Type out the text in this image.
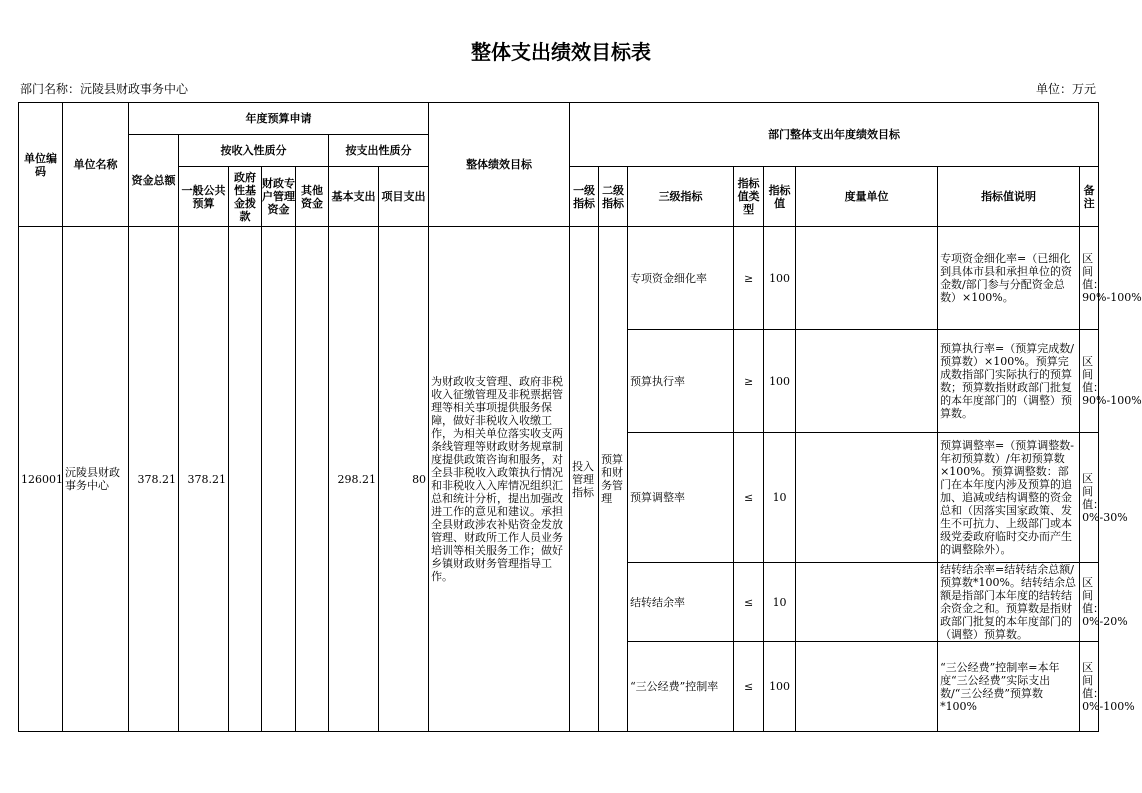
整体支出绩效目标表
部门名称：沅陵县财政事务中心	单位：万元
单位编码	单位名称	年度预算申请							整体绩效目标	部门整体支出年度绩效目标							
		资金总额	按收入性质分				按支出性质分										
			一般公共预算	政府性基金拨款	财政专户管理资金	其他资金	基本支出	项目支出		一级指标	二级指标	三级指标	指标值类型	指标值	度量单位	指标值说明	备注
126001	沅陵县财政事务中心	378.21	378.21				298.21	80	为财政收支管理、政府非税收入征缴管理及非税票据管理等相关事项提供服务保障，做好非税收入收缴工作，为相关单位落实收支两条线管理等财政财务规章制度提供政策咨询和服务，对全县非税收入政策执行情况和非税收入入库情况组织汇总和统计分析，提出加强改进工作的意见和建议。承担全县财政涉农补贴资金发放管理、财政所工作人员业务培训等相关服务工作；做好乡镇财政财务管理指导工作。	投入管理指标	预算和财务管理	专项资金细化率	≥	100		专项资金细化率=（已细化到具体市县和承担单位的资金数/部门参与分配资金总数）×100%。	区间值：90%-100%
												预算执行率	≥	100		预算执行率=（预算完成数/预算数）×100%。预算完成数指部门实际执行的预算数；预算数指财政部门批复的本年度部门的（调整）预算数。	区间值：90%-100%
												预算调整率	≤	10		预算调整率=（预算调整数-年初预算数）/年初预算数×100%。预算调整数：部门在本年度内涉及预算的追加、追减或结构调整的资金总和（因落实国家政策、发生不可抗力、上级部门或本级党委政府临时交办而产生的调整除外）。	区间值：0%-30%
												结转结余率	≤	10		结转结余率=结转结余总额/预算数*100%。结转结余总额是指部门本年度的结转结余资金之和。预算数是指财政部门批复的本年度部门的（调整）预算数。	区间值：0%-20%
												“三公经费”控制率	≤	100		“三公经费”控制率=本年度“三公经费”实际支出数/“三公经费”预算数*100%	区间值：0%-100%
